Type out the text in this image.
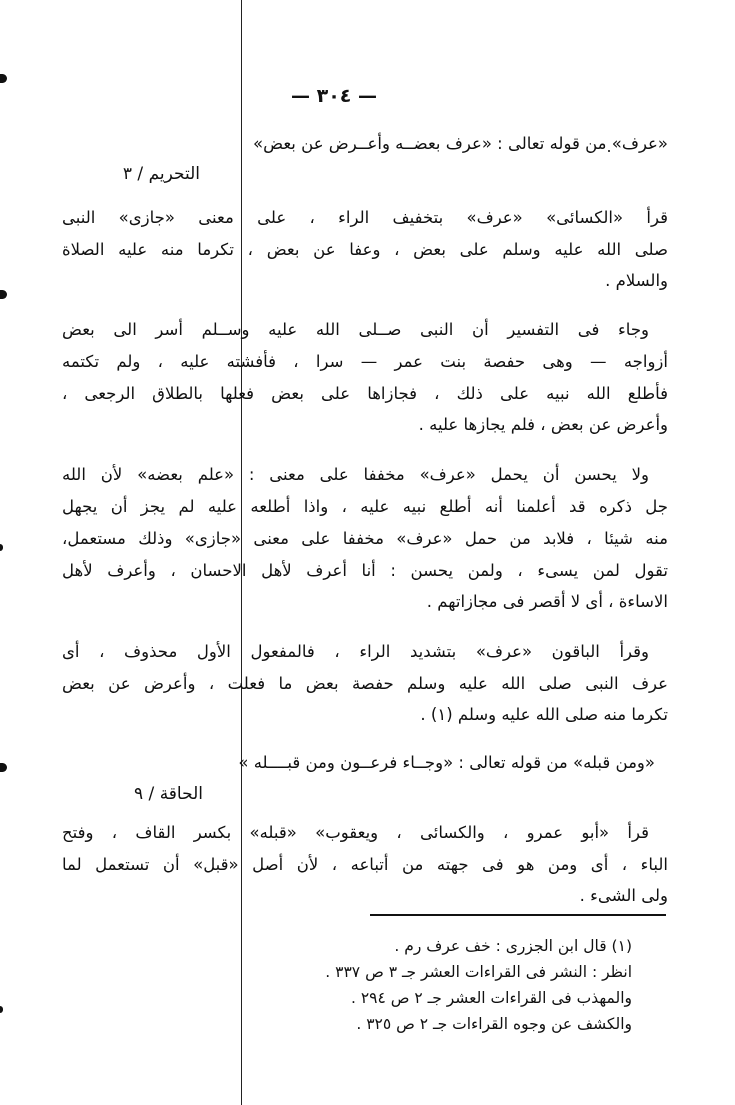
— ٣٠٤ —
«عرف» من قوله تعالى : «عرف بعضــه وأعــرض عن بعض»
التحريم / ٣
قرأ «الكسائى» «عرف» بتخفيف الراء ، على معنى «جازى» النبى
صلى الله عليه وسلم على بعض ، وعفا عن بعض ، تكرما منه عليه الصلاة
والسلام .
وجاء فى التفسير أن النبى صــلى الله عليه وســلم أسر الى بعض
أزواجه — وهى حفصة بنت عمر — سرا ، فأفشته عليه ، ولم تكتمه
فأطلع الله نبيه على ذلك ، فجازاها على بعض فعلها بالطلاق الرجعى ،
وأعرض عن بعض ، فلم يجازها عليه .
ولا يحسن أن يحمل «عرف» مخففا على معنى : «علم بعضه» لأن الله
جل ذكره قد أعلمنا أنه أطلع نبيه عليه ، واذا أطلعه عليه لم يجز أن يجهل
منه شيئا ، فلابد من حمل «عرف» مخففا على معنى «جازى» وذلك مستعمل،
تقول لمن يسىء ، ولمن يحسن : أنا أعرف لأهل الاحسان ، وأعرف لأهل
الاساءة ، أى لا أقصر فى مجازاتهم .
وقرأ الباقون «عرف» بتشديد الراء ، فالمفعول الأول محذوف ، أى
عرف النبى صلى الله عليه وسلم حفصة بعض ما فعلت ، وأعرض عن بعض
تكرما منه صلى الله عليه وسلم (١) .
«ومن قبله» من قوله تعالى : «وجــاء فرعــون ومن قبــــله »
الحاقة / ٩
قرأ «أبو عمرو ، والكسائى ، ويعقوب» «قبله» بكسر القاف ، وفتح
الباء ، أى ومن هو فى جهته من أتباعه ، لأن أصل «قبل» أن تستعمل لما
ولى الشىء .
(١) قال ابن الجزرى : خف عرف رم .
انظر : النشر فى القراءات العشر جـ ٣ ص ٣٣٧ .
والمهذب فى القراءات العشر جـ ٢ ص ٢٩٤ .
والكشف عن وجوه القراءات جـ ٢ ص ٣٢٥ .
